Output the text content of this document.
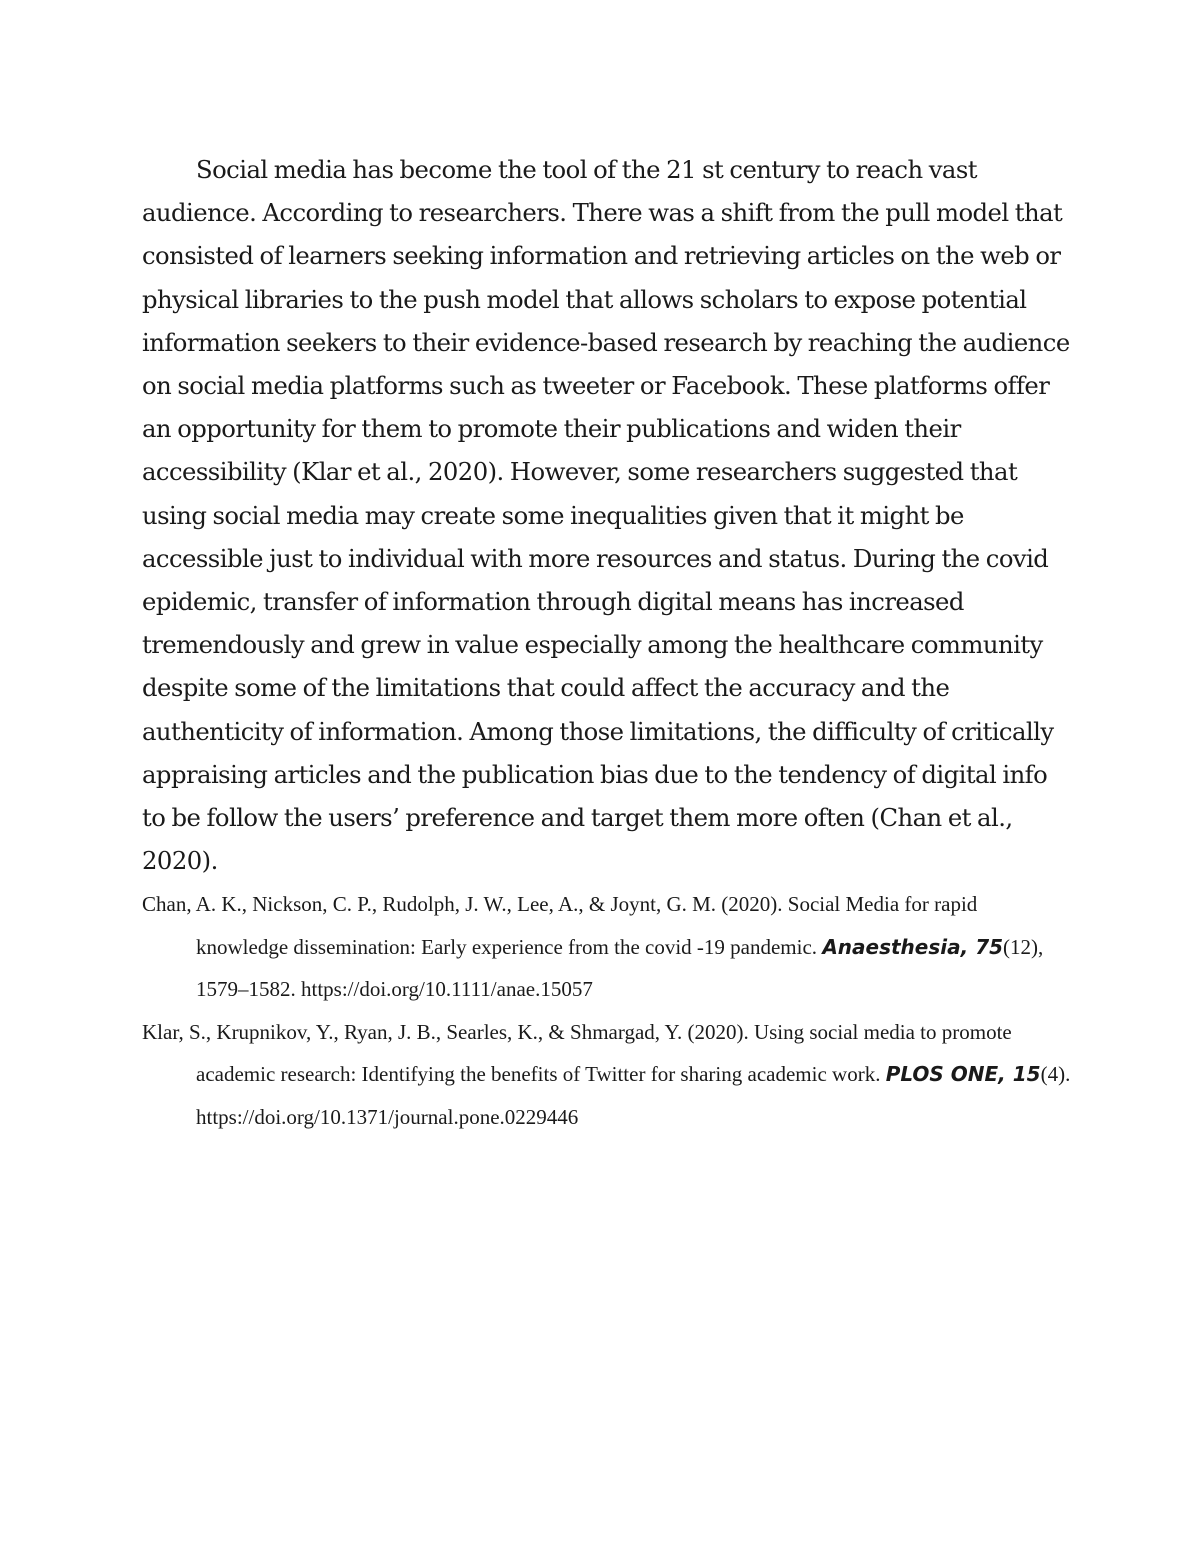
Social media has become the tool of the 21 st century to reach vast audience. According to researchers. There was a shift from the pull model that consisted of learners seeking information and retrieving articles on the web or physical libraries to the push model that allows scholars to expose potential information seekers to their evidence-based research by reaching the audience on social media platforms such as tweeter or Facebook. These platforms offer an opportunity for them to promote their publications and widen their accessibility (Klar et al., 2020). However, some researchers suggested that using social media may create some inequalities given that it might be accessible just to individual with more resources and status. During the covid epidemic, transfer of information through digital means has increased tremendously and grew in value especially among the healthcare community despite some of the limitations that could affect the accuracy and the authenticity of information. Among those limitations, the difficulty of critically appraising articles and the publication bias due to the tendency of digital info to be follow the users’ preference and target them more often (Chan et al., 2020).

Chan, A. K., Nickson, C. P., Rudolph, J. W., Lee, A., & Joynt, G. M. (2020). Social Media for rapid knowledge dissemination: Early experience from the covid -19 pandemic. Anaesthesia, 75(12), 1579–1582. https://doi.org/10.1111/anae.15057

Klar, S., Krupnikov, Y., Ryan, J. B., Searles, K., & Shmargad, Y. (2020). Using social media to promote academic research: Identifying the benefits of Twitter for sharing academic work. PLOS ONE, 15(4). https://doi.org/10.1371/journal.pone.0229446
